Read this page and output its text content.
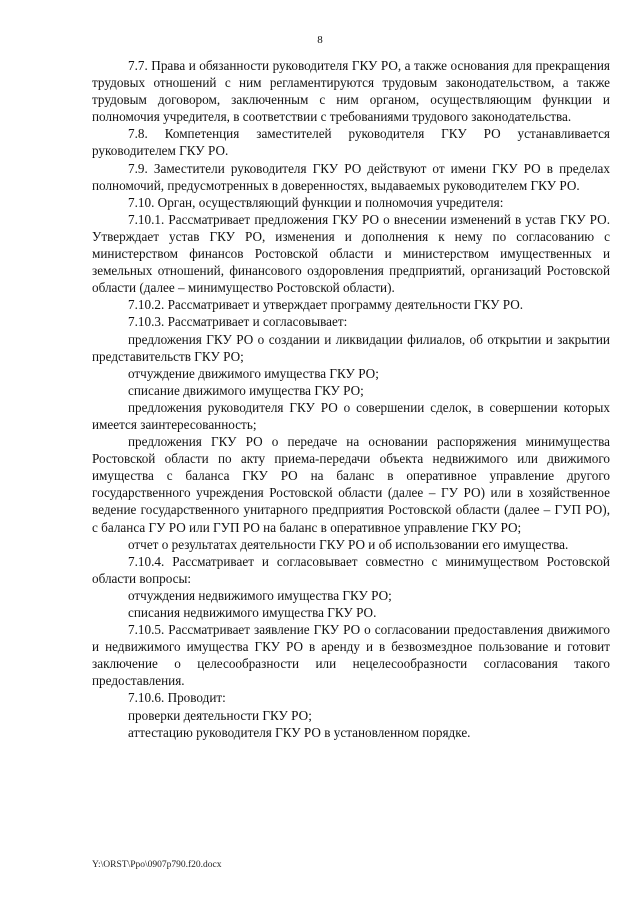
8

7.7. Права и обязанности руководителя ГКУ РО, а также основания для прекращения трудовых отношений с ним регламентируются трудовым законодательством, а также трудовым договором, заключенным с ним органом, осуществляющим функции и полномочия учредителя, в соответствии с требованиями трудового законодательства.

7.8. Компетенция заместителей руководителя ГКУ РО устанавливается руководителем ГКУ РО.

7.9. Заместители руководителя ГКУ РО действуют от имени ГКУ РО в пределах полномочий, предусмотренных в доверенностях, выдаваемых руководителем ГКУ РО.

7.10. Орган, осуществляющий функции и полномочия учредителя:

7.10.1. Рассматривает предложения ГКУ РО о внесении изменений в устав ГКУ РО. Утверждает устав ГКУ РО, изменения и дополнения к нему по согласованию с министерством финансов Ростовской области и министерством имущественных и земельных отношений, финансового оздоровления предприятий, организаций Ростовской области (далее – минимущество Ростовской области).

7.10.2. Рассматривает и утверждает программу деятельности ГКУ РО.

7.10.3. Рассматривает и согласовывает:

предложения ГКУ РО о создании и ликвидации филиалов, об открытии и закрытии представительств ГКУ РО;

отчуждение движимого имущества ГКУ РО;

списание движимого имущества ГКУ РО;

предложения руководителя ГКУ РО о совершении сделок, в совершении которых имеется заинтересованность;

предложения ГКУ РО о передаче на основании распоряжения минимущества Ростовской области по акту приема-передачи объекта недвижимого или движимого имущества с баланса ГКУ РО на баланс в оперативное управление другого государственного учреждения Ростовской области (далее – ГУ РО) или в хозяйственное ведение государственного унитарного предприятия Ростовской области (далее – ГУП РО), с баланса ГУ РО или ГУП РО на баланс в оперативное управление ГКУ РО;

отчет о результатах деятельности ГКУ РО и об использовании его имущества.

7.10.4. Рассматривает и согласовывает совместно с минимуществом Ростовской области вопросы:

отчуждения недвижимого имущества ГКУ РО;

списания недвижимого имущества ГКУ РО.

7.10.5. Рассматривает заявление ГКУ РО о согласовании предоставления движимого и недвижимого имущества ГКУ РО в аренду и в безвозмездное пользование и готовит заключение о целесообразности или нецелесообразности согласования такого предоставления.

7.10.6. Проводит:

проверки деятельности ГКУ РО;

аттестацию руководителя ГКУ РО в установленном порядке.

Y:\ORST\Ppo\0907p790.f20.docx
